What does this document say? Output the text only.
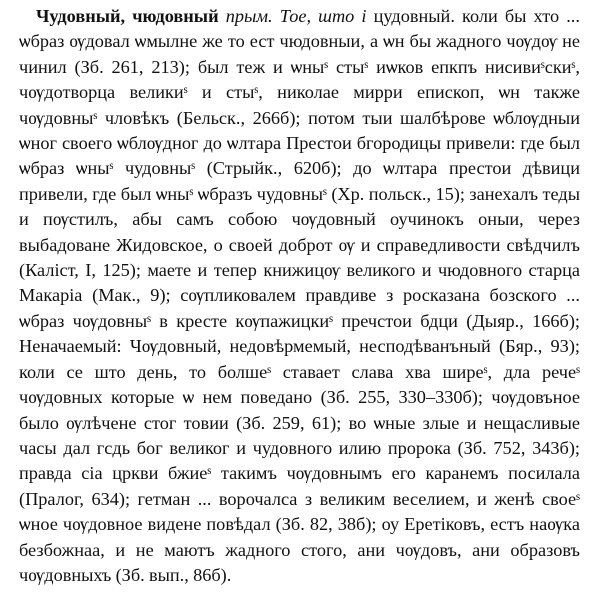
Чудовный, чюдовный прым. Тое, што і цудовный. коли бы хто ... ѡбраз ѹдовал ѡмылне же то ест чюдовныи, а ѡн бы жадного чѹдѹ не чинил (Зб. 261, 213); был теж и ѡныˢ стыˢ иѡков епкпъ нисивиˢскиˢ, чѹдотворца великиˢ и стыˢ, николае мирри епископ, ѡн также чѹдовныˢ чловѣкъ (Бельск., 266б); потом тыи шалбѣрове ѡблѹдныи ѡног своего ѡблѹдног до ѡлтара Престои бгородицы привели: где был ѡбраз ѡныˢ чудовныˢ (Стрыйк., 620б); до ѡлтара престои дѣвици привели, где был ѡныˢ ѡбразъ чудовныˢ (Хр. польск., 15); занехалъ теды и пѹстилъ, абы самъ собою чѹдовный оучинокъ оныи, через выбадоване Жидовское, о своей доброт ѹ и справедливости свѣдчилъ (Каліст, I, 125); маете и тепер книжицѹ великого и чюдовного старца Макаріа (Мак., 9); сѹпликовалем правдиве з росказана бозского ... ѡбраз чѹдовныˢ в кресте кѹпажицкиˢ пречстои бдци (Дыяр., 166б); Неначаемый: Чѹдовный, недовѣрмемый, несподѣванъный (Бяр., 93); коли се што день, то болшеˢ ставает слава хва ширеˢ, дла речеˢ чѹдовных которые ѡ нем поведано (Зб. 255, 330–330б); чѹдовъное было ѹлѣчене стог товии (Зб. 259, 61); во ѡные злые и нещасливые часы дал гсдь бог великог и чудовного илию пророка (Зб. 752, 343б); правда сіа цркви бжиеˢ такимъ чѹдовнымъ его каранемъ посилала (Пралог, 634); гетман ... ворочалса з великим веселием, и женѣ своеˢ ѡное чѹдовное видене повѣдал (Зб. 82, 38б); оу Еретіковъ, естъ наѹка безбожнаа, и не маютъ жадного стого, ани чѹдовъ, ани образовъ чѹдовныхъ (Зб. вып., 86б).
